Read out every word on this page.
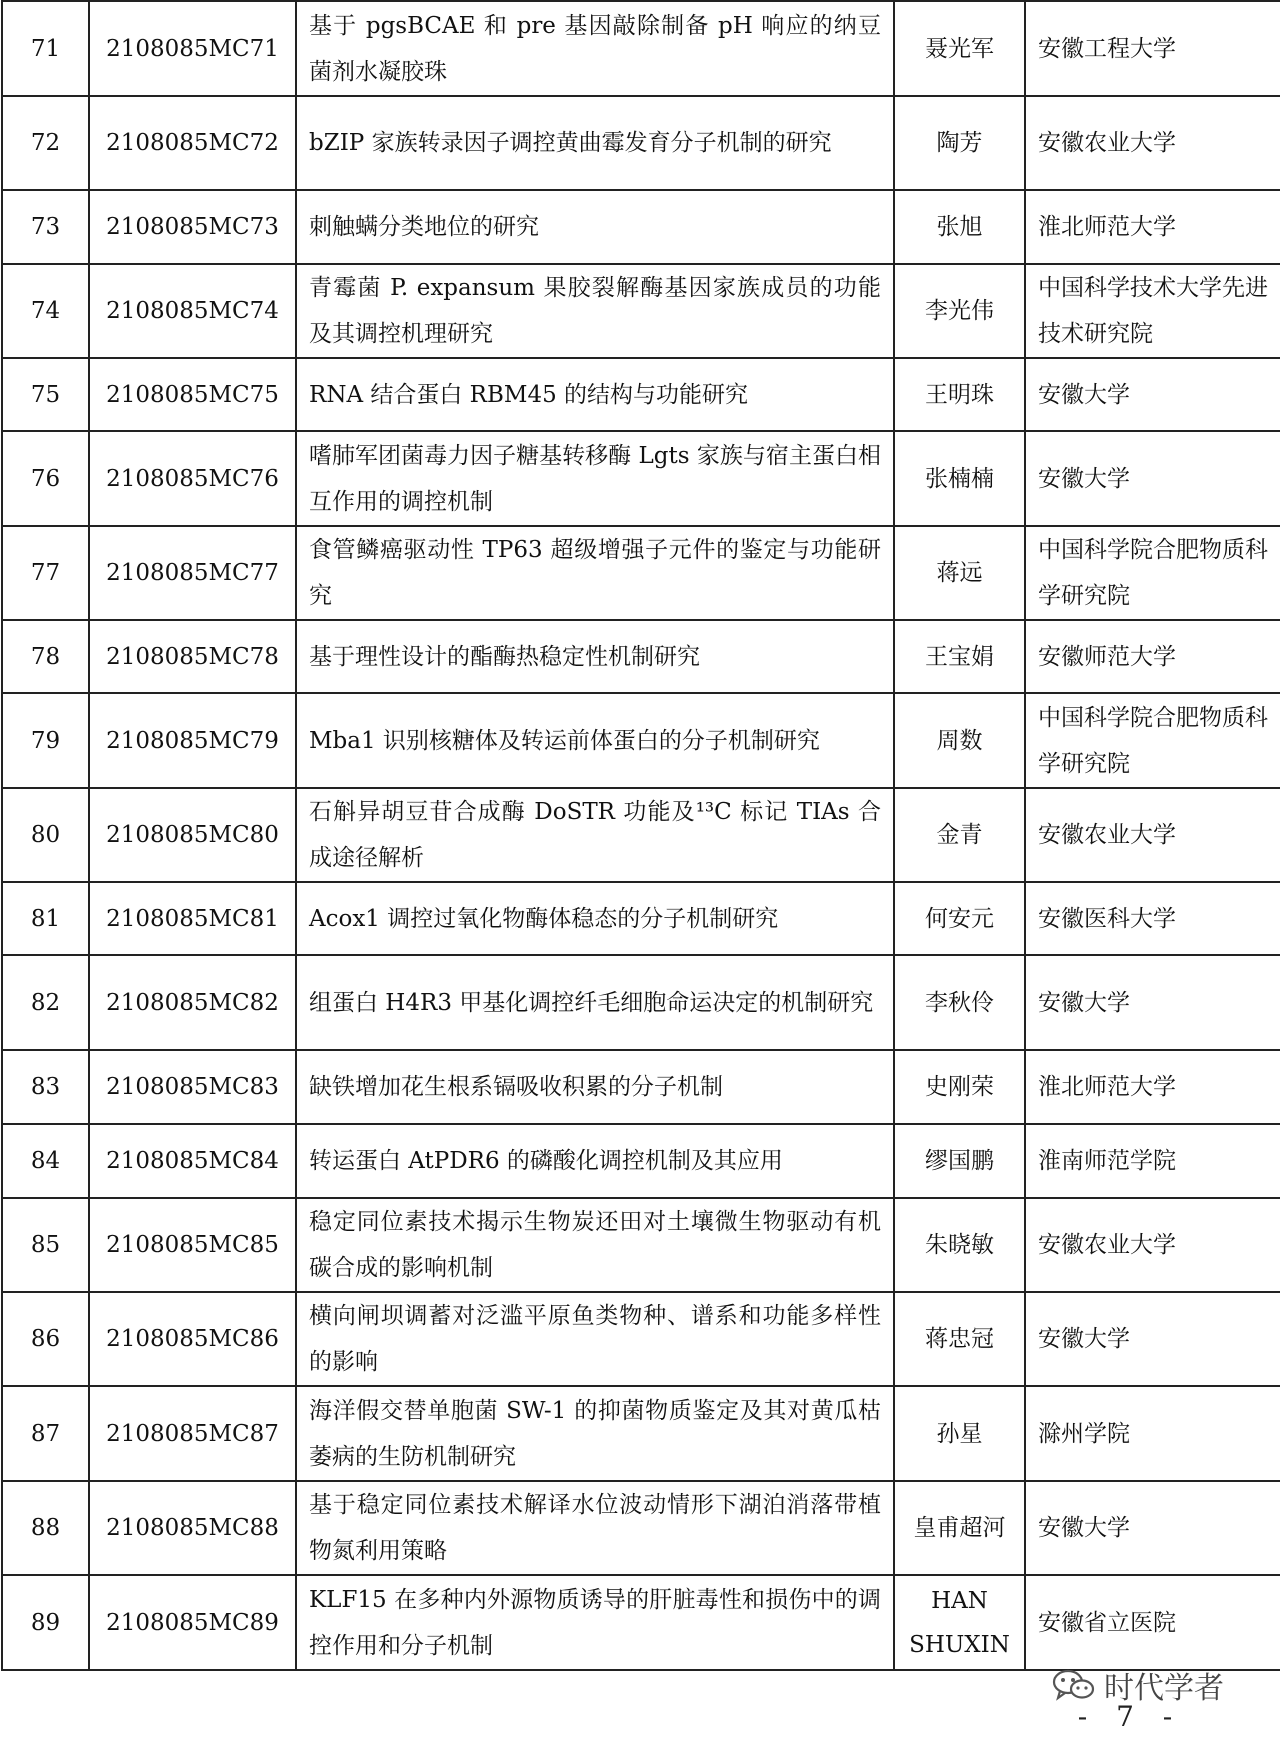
71	2108085MC71	基于 pgsBCAE 和 pre 基因敲除制备 pH 响应的纳豆菌剂水凝胶珠	聂光军	安徽工程大学
72	2108085MC72	bZIP 家族转录因子调控黄曲霉发育分子机制的研究	陶芳	安徽农业大学
73	2108085MC73	刺触螨分类地位的研究	张旭	淮北师范大学
74	2108085MC74	青霉菌 P. expansum 果胶裂解酶基因家族成员的功能及其调控机理研究	李光伟	中国科学技术大学先进技术研究院
75	2108085MC75	RNA 结合蛋白 RBM45 的结构与功能研究	王明珠	安徽大学
76	2108085MC76	嗜肺军团菌毒力因子糖基转移酶 Lgts 家族与宿主蛋白相互作用的调控机制	张楠楠	安徽大学
77	2108085MC77	食管鳞癌驱动性 TP63 超级增强子元件的鉴定与功能研究	蒋远	中国科学院合肥物质科学研究院
78	2108085MC78	基于理性设计的酯酶热稳定性机制研究	王宝娟	安徽师范大学
79	2108085MC79	Mba1 识别核糖体及转运前体蛋白的分子机制研究	周数	中国科学院合肥物质科学研究院
80	2108085MC80	石斛异胡豆苷合成酶 DoSTR 功能及¹³C 标记 TIAs 合成途径解析	金青	安徽农业大学
81	2108085MC81	Acox1 调控过氧化物酶体稳态的分子机制研究	何安元	安徽医科大学
82	2108085MC82	组蛋白 H4R3 甲基化调控纤毛细胞命运决定的机制研究	李秋伶	安徽大学
83	2108085MC83	缺铁增加花生根系镉吸收积累的分子机制	史刚荣	淮北师范大学
84	2108085MC84	转运蛋白 AtPDR6 的磷酸化调控机制及其应用	缪国鹏	淮南师范学院
85	2108085MC85	稳定同位素技术揭示生物炭还田对土壤微生物驱动有机碳合成的影响机制	朱晓敏	安徽农业大学
86	2108085MC86	横向闸坝调蓄对泛滥平原鱼类物种、谱系和功能多样性的影响	蒋忠冠	安徽大学
87	2108085MC87	海洋假交替单胞菌 SW-1 的抑菌物质鉴定及其对黄瓜枯萎病的生防机制研究	孙星	滁州学院
88	2108085MC88	基于稳定同位素技术解译水位波动情形下湖泊消落带植物氮利用策略	皇甫超河	安徽大学
89	2108085MC89	KLF15 在多种内外源物质诱导的肝脏毒性和损伤中的调控作用和分子机制	HAN SHUXIN	安徽省立医院
时代学者
- 7 -
